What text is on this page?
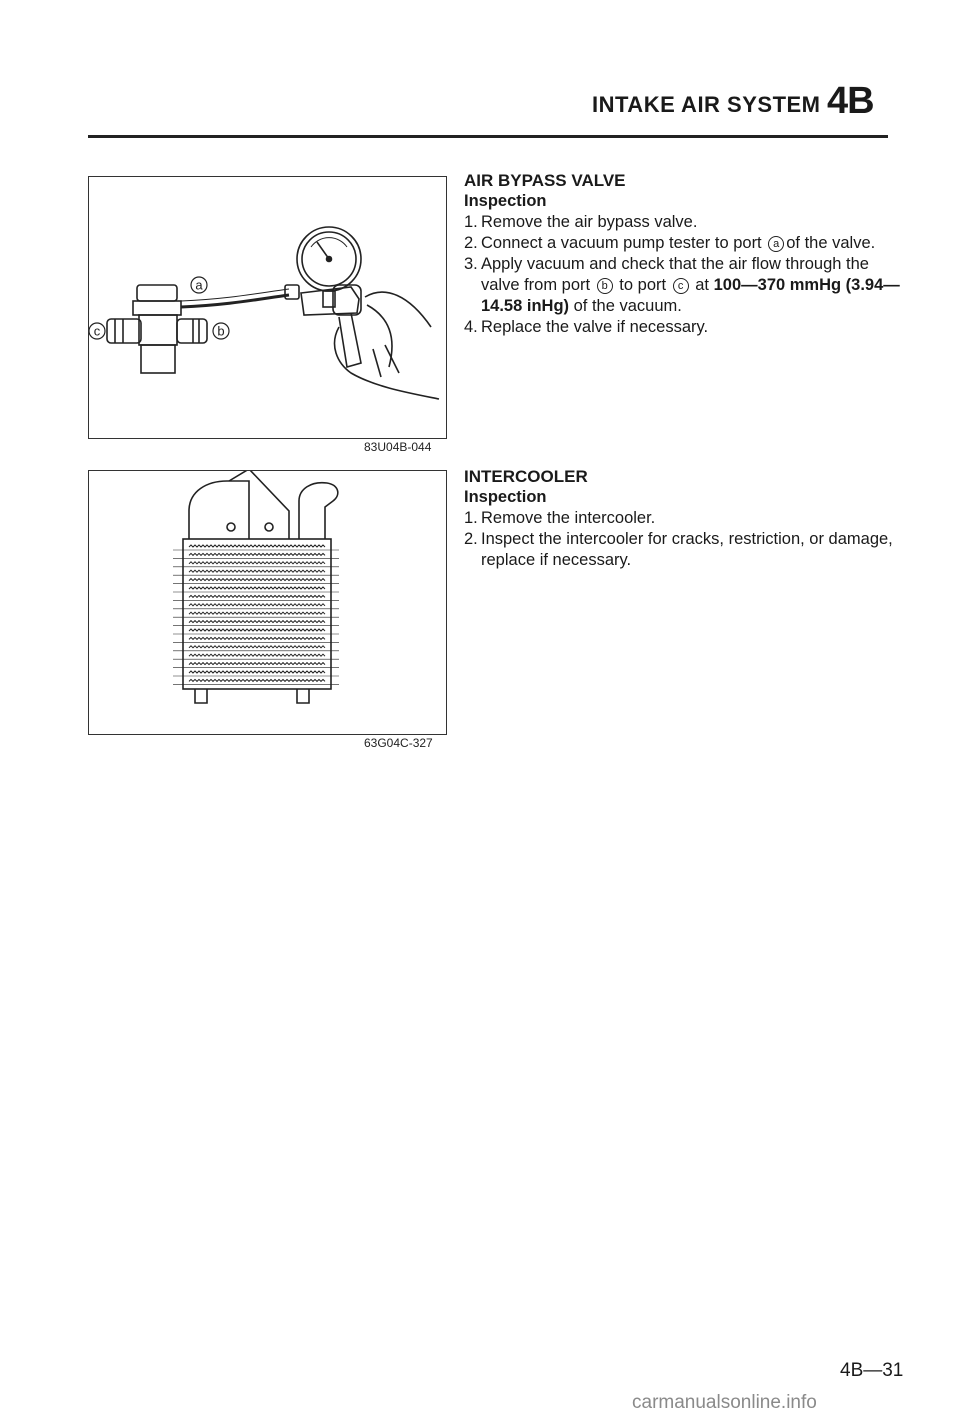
INTAKE AIR SYSTEM 4B
a
b
c
83U04B-044
63G04C-327
AIR BYPASS VALVE
Inspection
1. Remove the air bypass valve.
2. Connect a vacuum pump tester to port a of the valve.
3. Apply vacuum and check that the air flow through the valve from port b to port c at 100—370 mmHg (3.94—14.58 inHg) of the vacuum.
4. Replace the valve if necessary.
INTERCOOLER
Inspection
1. Remove the intercooler.
2. Inspect the intercooler for cracks, restriction, or damage, replace if necessary.
4B—31
carmanualsonline.info
